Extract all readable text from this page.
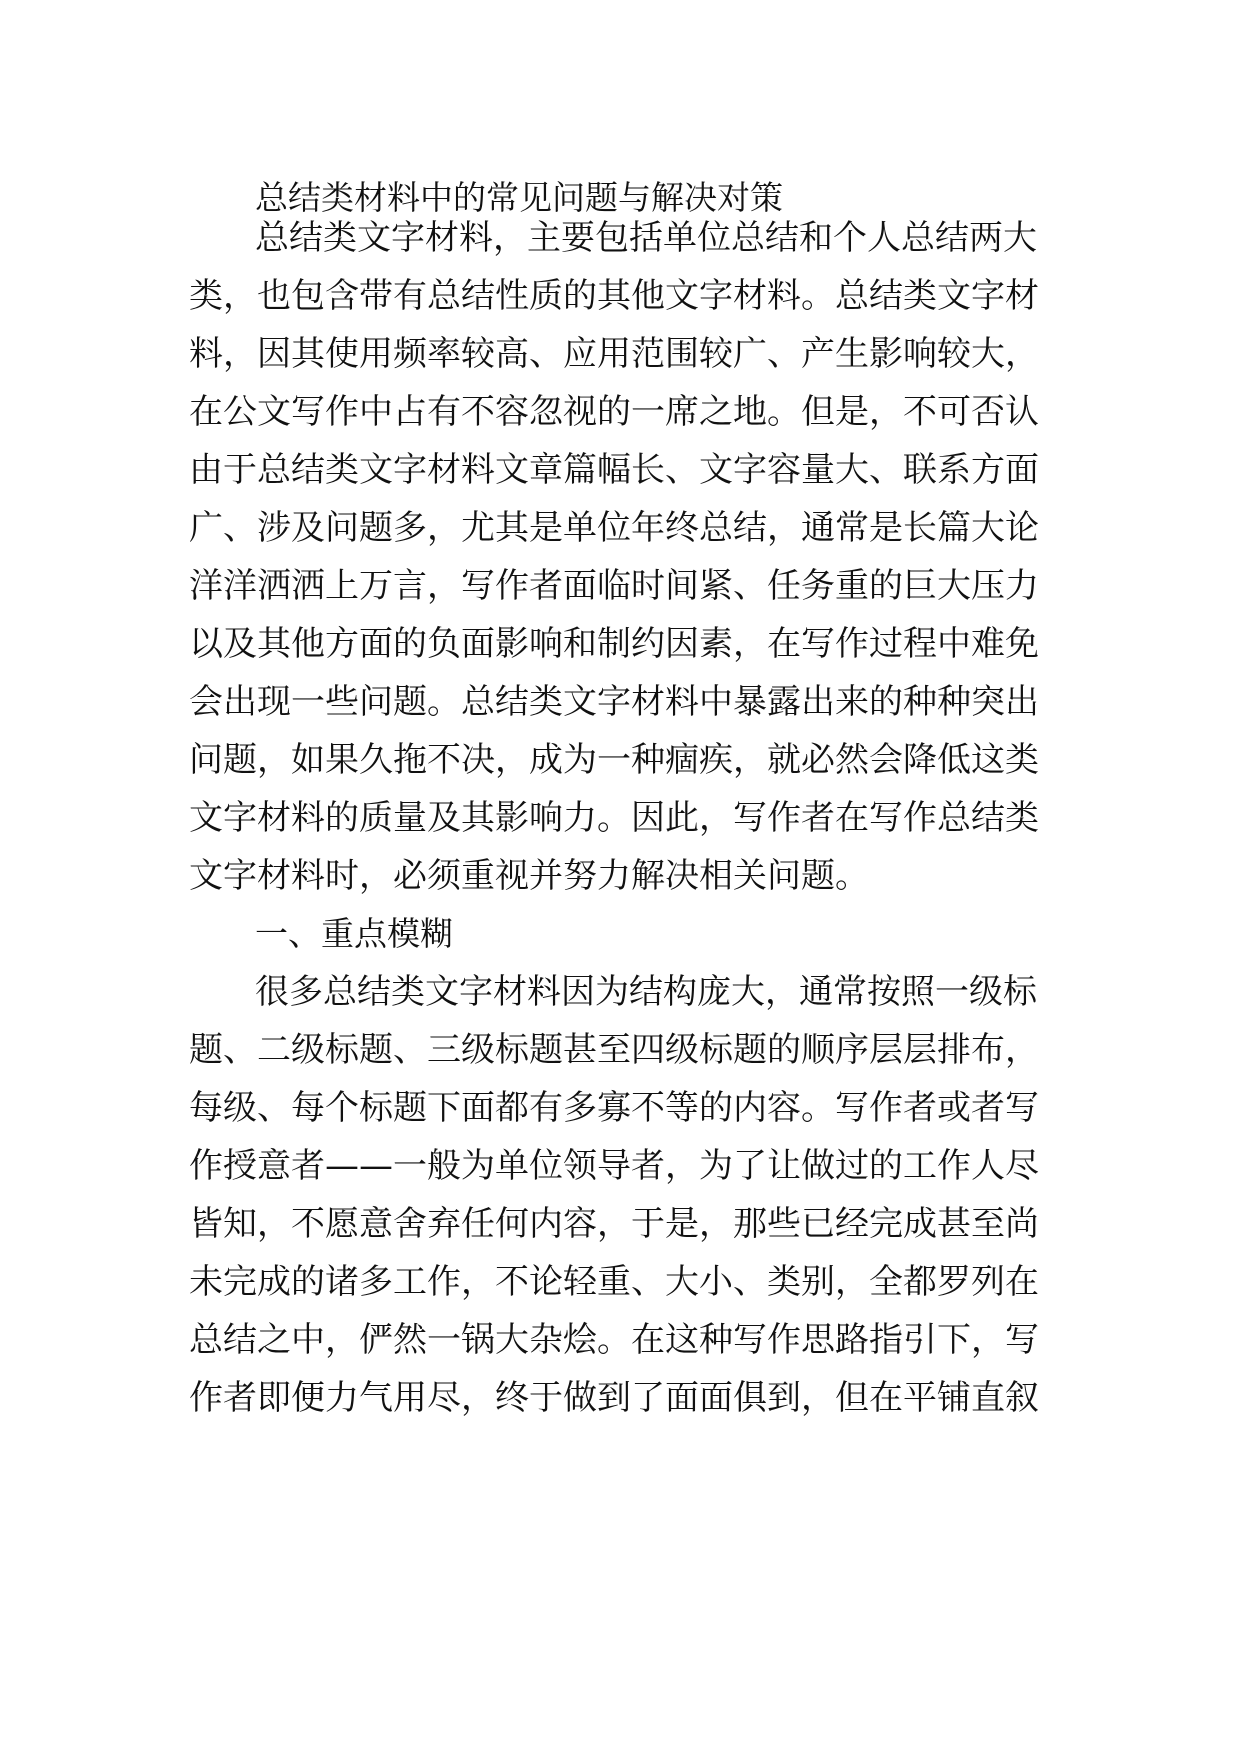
总结类材料中的常见问题与解决对策

总结类文字材料，主要包括单位总结和个人总结两大

类，也包含带有总结性质的其他文字材料。总结类文字材

料，因其使用频率较高、应用范围较广、产生影响较大，

在公文写作中占有不容忽视的一席之地。但是，不可否认

由于总结类文字材料文章篇幅长、文字容量大、联系方面

广、涉及问题多，尤其是单位年终总结，通常是长篇大论

洋洋洒洒上万言，写作者面临时间紧、任务重的巨大压力

以及其他方面的负面影响和制约因素，在写作过程中难免

会出现一些问题。总结类文字材料中暴露出来的种种突出

问题，如果久拖不决，成为一种痼疾，就必然会降低这类

文字材料的质量及其影响力。因此，写作者在写作总结类

文字材料时，必须重视并努力解决相关问题。

一、重点模糊

很多总结类文字材料因为结构庞大，通常按照一级标

题、二级标题、三级标题甚至四级标题的顺序层层排布，

每级、每个标题下面都有多寡不等的内容。写作者或者写

作授意者——一般为单位领导者，为了让做过的工作人尽

皆知，不愿意舍弃任何内容，于是，那些已经完成甚至尚

未完成的诸多工作，不论轻重、大小、类别，全都罗列在

总结之中，俨然一锅大杂烩。在这种写作思路指引下，写

作者即便力气用尽，终于做到了面面俱到，但在平铺直叙
